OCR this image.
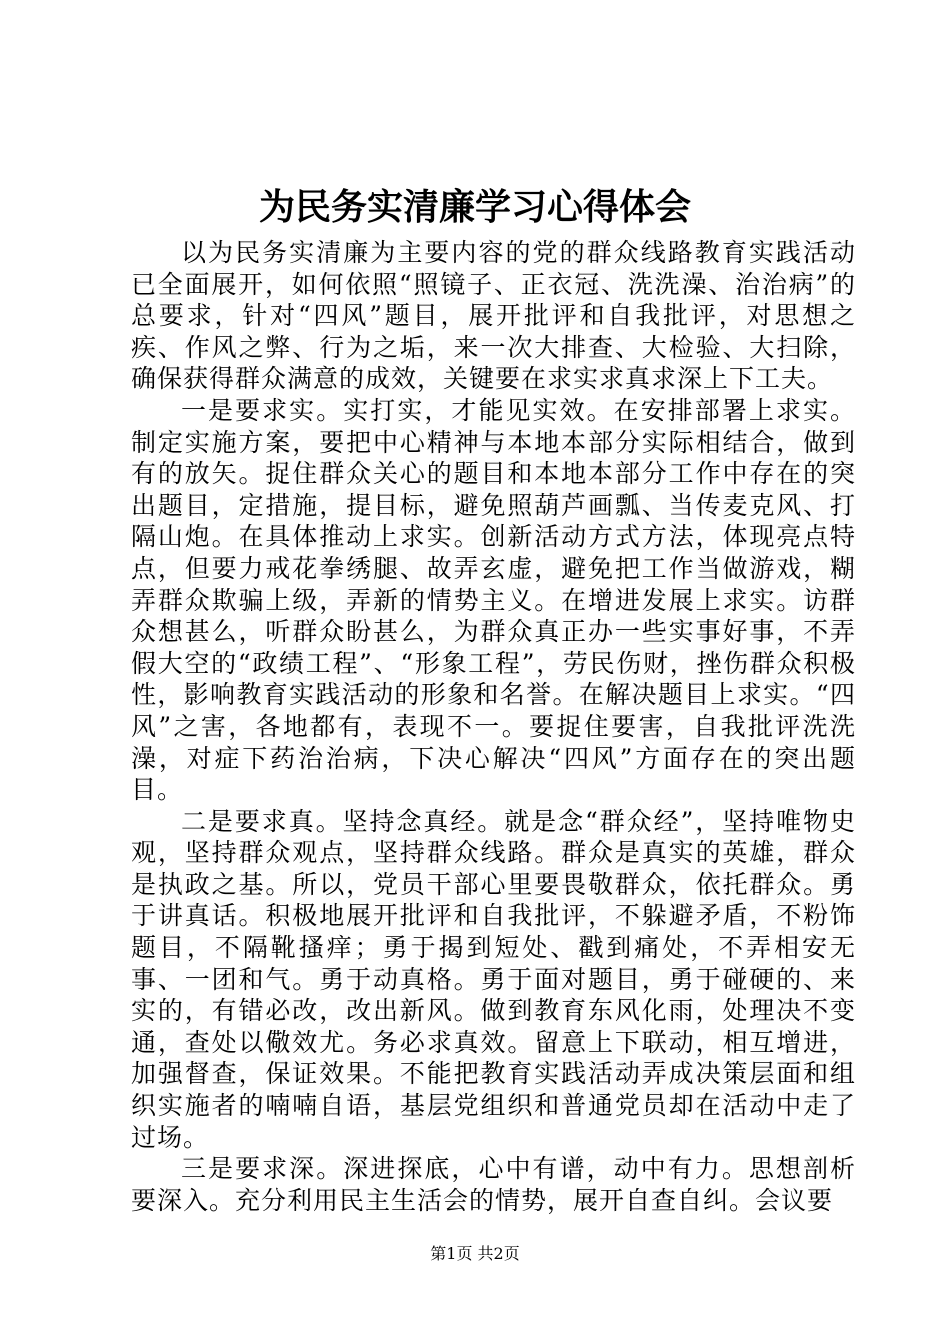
为民务实清廉学习心得体会

以为民务实清廉为主要内容的党的群众线路教育实践活动已全面展开，如何依照“照镜子、正衣冠、洗洗澡、治治病”的总要求，针对“四风”题目，展开批评和自我批评，对思想之疾、作风之弊、行为之垢，来一次大排查、大检验、大扫除，确保获得群众满意的成效，关键要在求实求真求深上下工夫。

一是要求实。实打实，才能见实效。在安排部署上求实。制定实施方案，要把中心精神与本地本部分实际相结合，做到有的放矢。捉住群众关心的题目和本地本部分工作中存在的突出题目，定措施，提目标，避免照葫芦画瓢、当传麦克风、打隔山炮。在具体推动上求实。创新活动方式方法，体现亮点特点，但要力戒花拳绣腿、故弄玄虚，避免把工作当做游戏，糊弄群众欺骗上级，弄新的情势主义。在增进发展上求实。访群众想甚么，听群众盼甚么，为群众真正办一些实事好事，不弄假大空的“政绩工程”、“形象工程”，劳民伤财，挫伤群众积极性，影响教育实践活动的形象和名誉。在解决题目上求实。“四风”之害，各地都有，表现不一。要捉住要害，自我批评洗洗澡，对症下药治治病，下决心解决“四风”方面存在的突出题目。

二是要求真。坚持念真经。就是念“群众经”，坚持唯物史观，坚持群众观点，坚持群众线路。群众是真实的英雄，群众是执政之基。所以，党员干部心里要畏敬群众，依托群众。勇于讲真话。积极地展开批评和自我批评，不躲避矛盾，不粉饰题目，不隔靴搔痒；勇于揭到短处、戳到痛处，不弄相安无事、一团和气。勇于动真格。勇于面对题目，勇于碰硬的、来实的，有错必改，改出新风。做到教育东风化雨，处理决不变通，查处以儆效尤。务必求真效。留意上下联动，相互增进，加强督查，保证效果。不能把教育实践活动弄成决策层面和组织实施者的喃喃自语，基层党组织和普通党员却在活动中走了过场。

三是要求深。深进探底，心中有谱，动中有力。思想剖析要深入。充分利用民主生活会的情势，展开自查自纠。会议要

第1页 共2页
